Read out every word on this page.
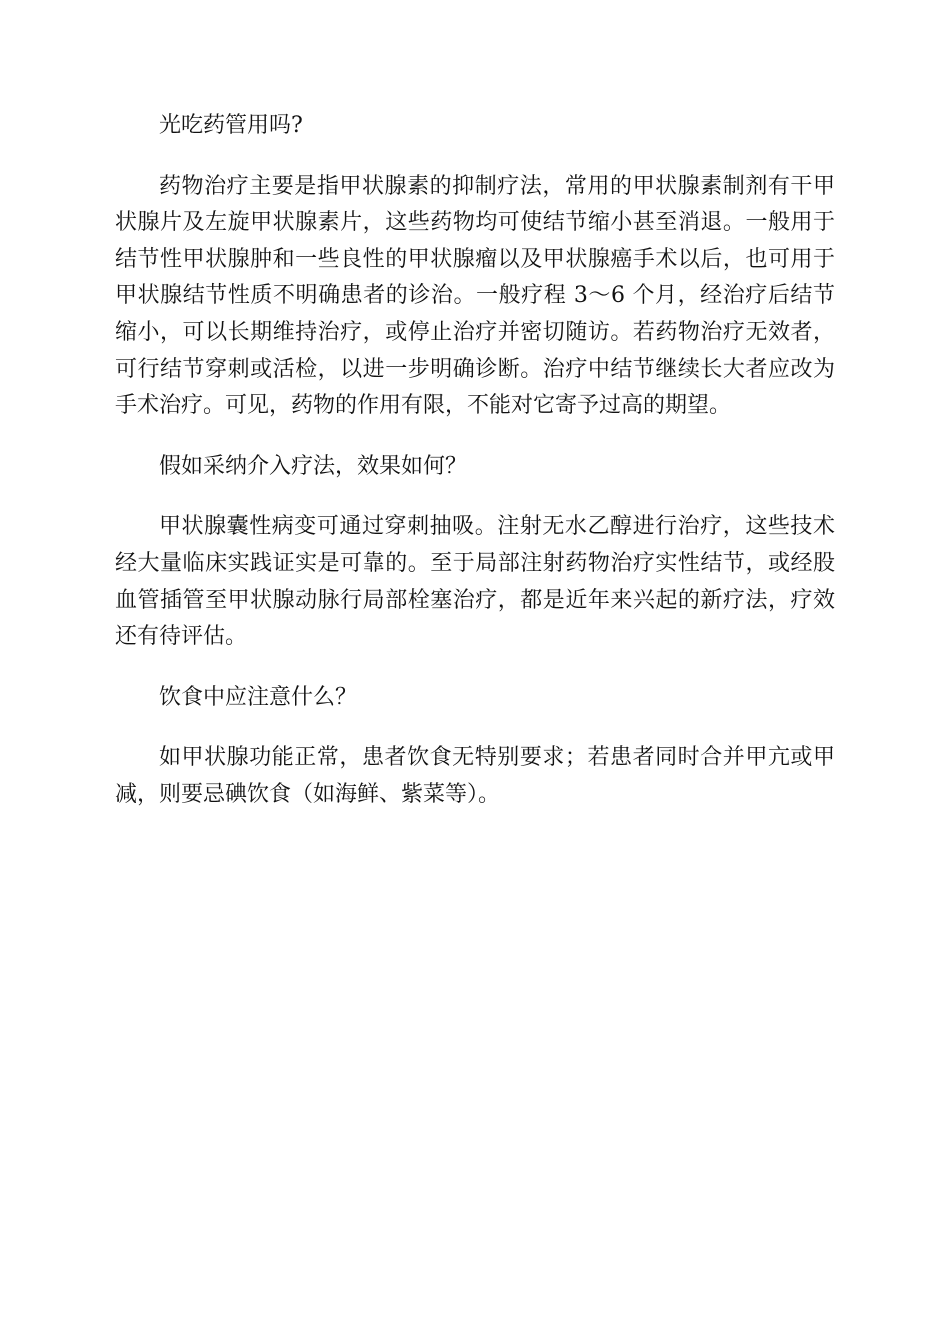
光吃药管用吗?

药物治疗主要是指甲状腺素的抑制疗法，常用的甲状腺素制剂有干甲状腺片及左旋甲状腺素片，这些药物均可使结节缩小甚至消退。一般用于结节性甲状腺肿和一些良性的甲状腺瘤以及甲状腺癌手术以后，也可用于甲状腺结节性质不明确患者的诊治。一般疗程 3～6 个月，经治疗后结节缩小，可以长期维持治疗，或停止治疗并密切随访。若药物治疗无效者，可行结节穿刺或活检，以进一步明确诊断。治疗中结节继续长大者应改为手术治疗。可见，药物的作用有限，不能对它寄予过高的期望。

假如采纳介入疗法，效果如何？

甲状腺囊性病变可通过穿刺抽吸。注射无水乙醇进行治疗，这些技术经大量临床实践证实是可靠的。至于局部注射药物治疗实性结节，或经股血管插管至甲状腺动脉行局部栓塞治疗，都是近年来兴起的新疗法，疗效还有待评估。

饮食中应注意什么？

如甲状腺功能正常，患者饮食无特别要求；若患者同时合并甲亢或甲减，则要忌碘饮食（如海鲜、紫菜等）。
